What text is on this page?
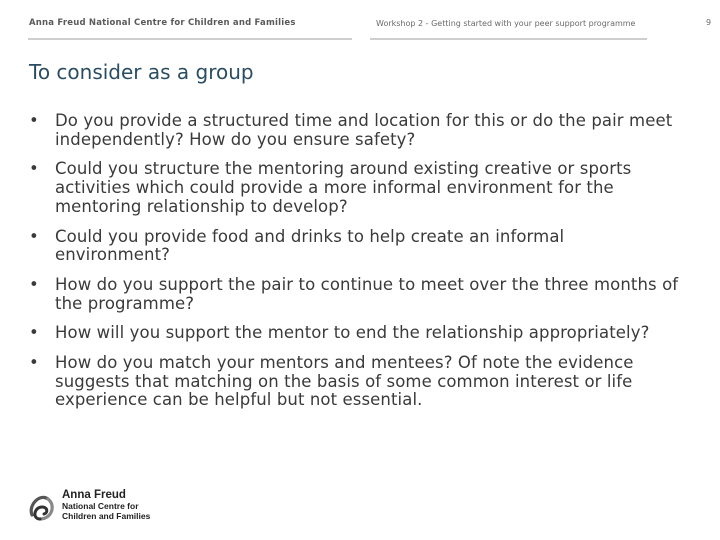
Anna Freud National Centre for Children and Families	Workshop 2 - Getting started with your peer support programme	9
To consider as a group
• Do you provide a structured time and location for this or do the pair meet independently? How do you ensure safety?
• Could you structure the mentoring around existing creative or sports activities which could provide a more informal environment for the mentoring relationship to develop?
• Could you provide food and drinks to help create an informal environment?
• How do you support the pair to continue to meet over the three months of the programme?
• How will you support the mentor to end the relationship appropriately?
• How do you match your mentors and mentees? Of note the evidence suggests that matching on the basis of some common interest or life experience can be helpful but not essential.
Anna Freud
National Centre for
Children and Families
